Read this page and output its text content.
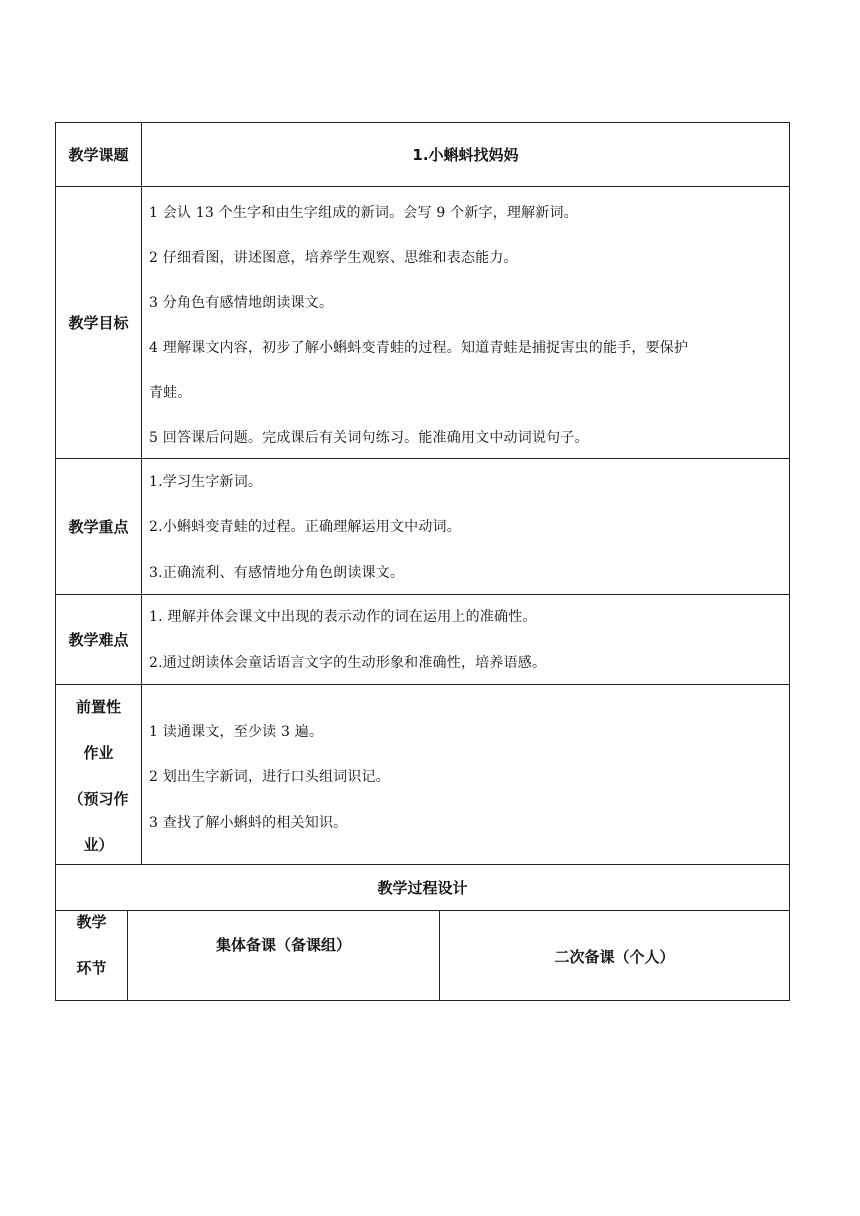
教学课题	1.小蝌蚪找妈妈
教学目标
1 会认 13 个生字和由生字组成的新词。会写 9 个新字，理解新词。
2 仔细看图，讲述图意，培养学生观察、思维和表态能力。
3 分角色有感情地朗读课文。
4 理解课文内容，初步了解小蝌蚪变青蛙的过程。知道青蛙是捕捉害虫的能手，要保护
青蛙。
5 回答课后问题。完成课后有关词句练习。能准确用文中动词说句子。
教学重点
1.学习生字新词。
2.小蝌蚪变青蛙的过程。正确理解运用文中动词。
3.正确流利、有感情地分角色朗读课文。
教学难点
1. 理解并体会课文中出现的表示动作的词在运用上的准确性。
2.通过朗读体会童话语言文字的生动形象和准确性，培养语感。
前置性
作业
（预习作
业）
1 读通课文，至少读 3 遍。
2 划出生字新词，进行口头组词识记。
3 查找了解小蝌蚪的相关知识。
教学过程设计
教学
环节
集体备课（备课组）
二次备课（个人）
